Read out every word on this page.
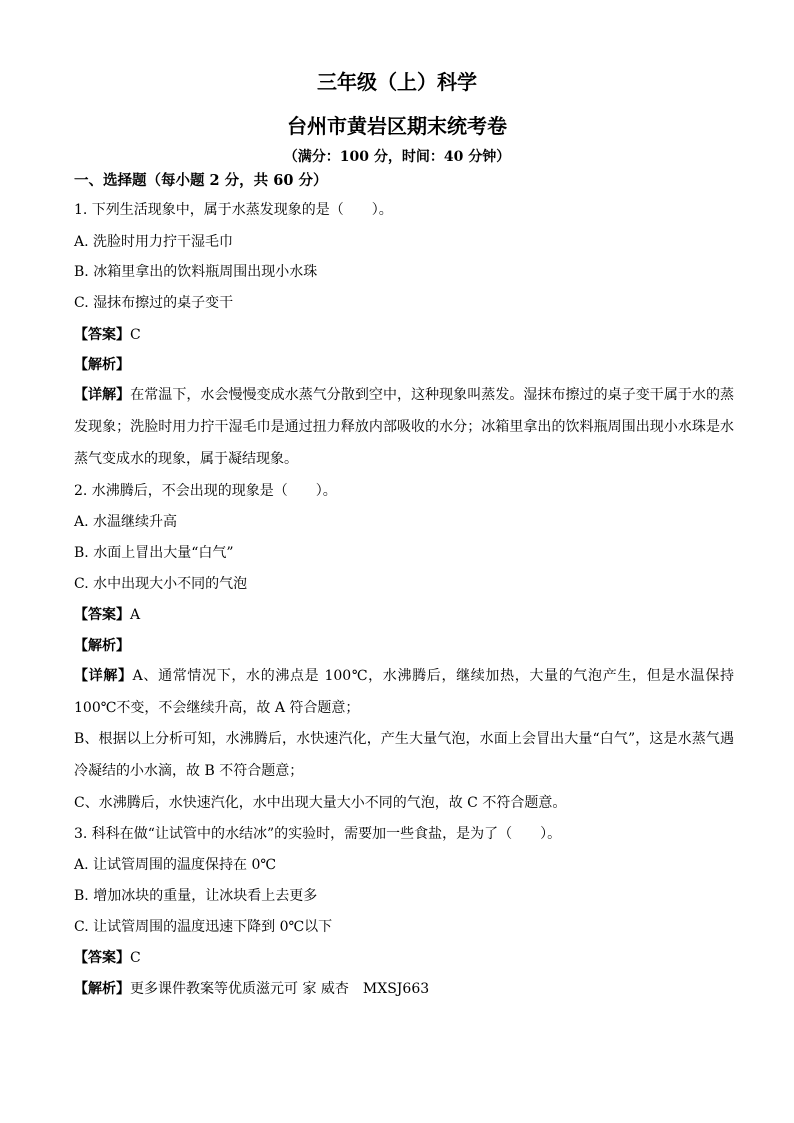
三年级（上）科学
台州市黄岩区期末统考卷
（满分：100 分，时间：40 分钟）
一、选择题（每小题 2 分，共 60 分）
1. 下列生活现象中，属于水蒸发现象的是（　　）。
A. 洗脸时用力拧干湿毛巾
B. 冰箱里拿出的饮料瓶周围出现小水珠
C. 湿抹布擦过的桌子变干
【答案】C
【解析】
【详解】在常温下，水会慢慢变成水蒸气分散到空中，这种现象叫蒸发。湿抹布擦过的桌子变干属于水的蒸发现象；洗脸时用力拧干湿毛巾是通过扭力释放内部吸收的水分；冰箱里拿出的饮料瓶周围出现小水珠是水蒸气变成水的现象，属于凝结现象。
2. 水沸腾后，不会出现的现象是（　　）。
A. 水温继续升高
B. 水面上冒出大量“白气”
C. 水中出现大小不同的气泡
【答案】A
【解析】
【详解】A、通常情况下，水的沸点是 100℃，水沸腾后，继续加热，大量的气泡产生，但是水温保持 100℃不变，不会继续升高，故 A 符合题意；
B、根据以上分析可知，水沸腾后，水快速汽化，产生大量气泡，水面上会冒出大量“白气”，这是水蒸气遇冷凝结的小水滴，故 B 不符合题意；
C、水沸腾后，水快速汽化，水中出现大量大小不同的气泡，故 C 不符合题意。
3. 科科在做“让试管中的水结冰”的实验时，需要加一些食盐，是为了（　　）。
A. 让试管周围的温度保持在 0℃
B. 增加冰块的重量，让冰块看上去更多
C. 让试管周围的温度迅速下降到 0℃以下
【答案】C
【解析】更多课件教案等优质滋元可 家 威杏 MXSJ663
